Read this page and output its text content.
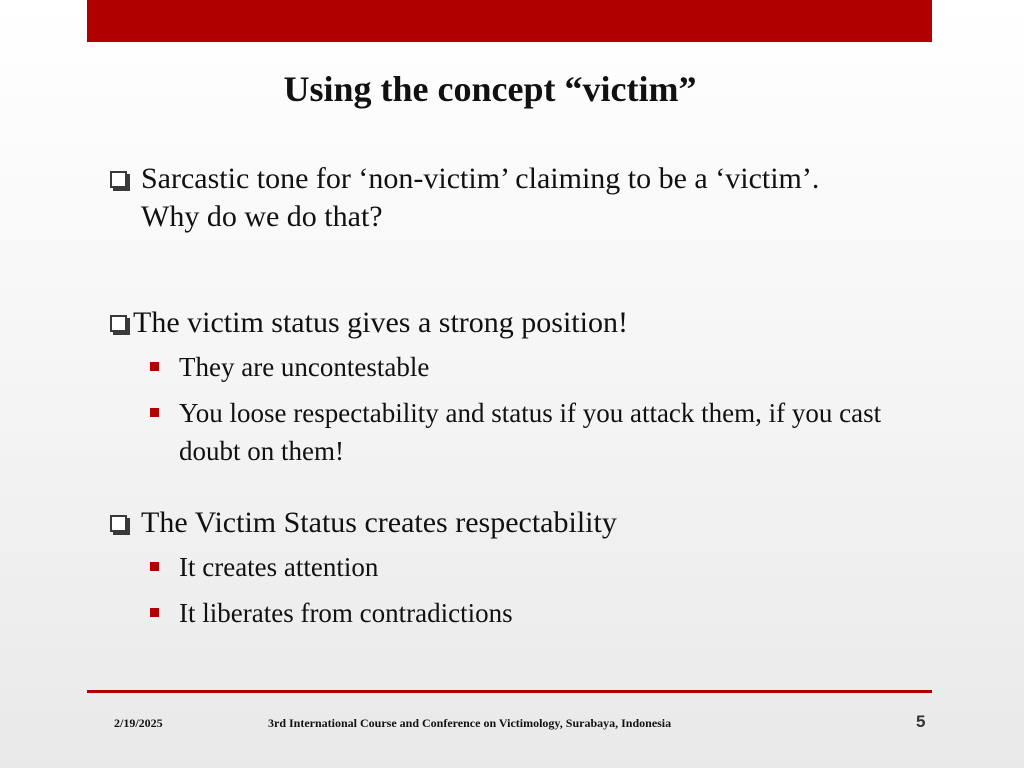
Using the concept “victim”
Sarcastic tone for ‘non-victim’ claiming to be a ‘victim’. Why do we do that?
The victim status gives a strong position!
They are uncontestable
You loose respectability and status if you attack them, if you cast doubt on them!
The Victim Status creates respectability
It creates attention
It liberates from contradictions
2/19/2025	3rd International Course and Conference on Victimology, Surabaya, Indonesia	5
